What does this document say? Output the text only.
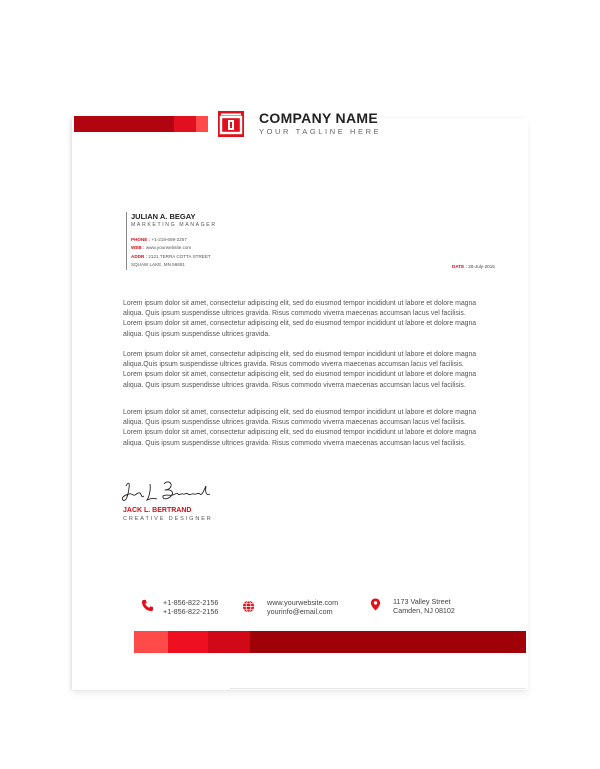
COMPANY NAME
YOUR TAGLINE HERE
JULIAN A. BEGAY
MARKETING MANAGER
PHONE : +1-218-659-2257
WEB : www.yourwebsite.com
ADDR : 2121 TERRA COTTA STREET
SQUAW LAKE, MN 56681	DATE : 26-July-2015
Lorem ipsum dolor sit amet, consectetur adipiscing elit, sed do eiusmod tempor incididunt ut labore et dolore magna aliqua. Quis ipsum suspendisse ultrices gravida. Risus commodo viverra maecenas accumsan lacus vel facilisis. Lorem ipsum dolor sit amet, consectetur adipiscing elit, sed do eiusmod tempor incididunt ut labore et dolore magna aliqua. Quis ipsum suspendisse ultrices gravida.
Lorem ipsum dolor sit amet, consectetur adipiscing elit, sed do eiusmod tempor incididunt ut labore et dolore magna aliqua.Quis ipsum suspendisse ultrices gravida. Risus commodo viverra maecenas accumsan lacus vel facilisis. Lorem ipsum dolor sit amet, consectetur adipiscing elit, sed do eiusmod tempor incididunt ut labore et dolore magna aliqua. Quis ipsum suspendisse ultrices gravida. Risus commodo viverra maecenas accumsan lacus vel facilisis.
Lorem ipsum dolor sit amet, consectetur adipiscing elit, sed do eiusmod tempor incididunt ut labore et dolore magna aliqua. Quis ipsum suspendisse ultrices gravida. Risus commodo viverra maecenas accumsan lacus vel facilisis. Lorem ipsum dolor sit amet, consectetur adipiscing elit, sed do eiusmod tempor incididunt ut labore et dolore magna aliqua. Quis ipsum suspendisse ultrices gravida. Risus commodo viverra maecenas accumsan lacus vel facilisis.
JACK L. BERTRAND
CREATIVE DESIGNER
+1-856-822-2156
+1-856-822-2156
www.yourwebsite.com
yourinfo@email.com
1173 Valley Street
Camden, NJ 08102
